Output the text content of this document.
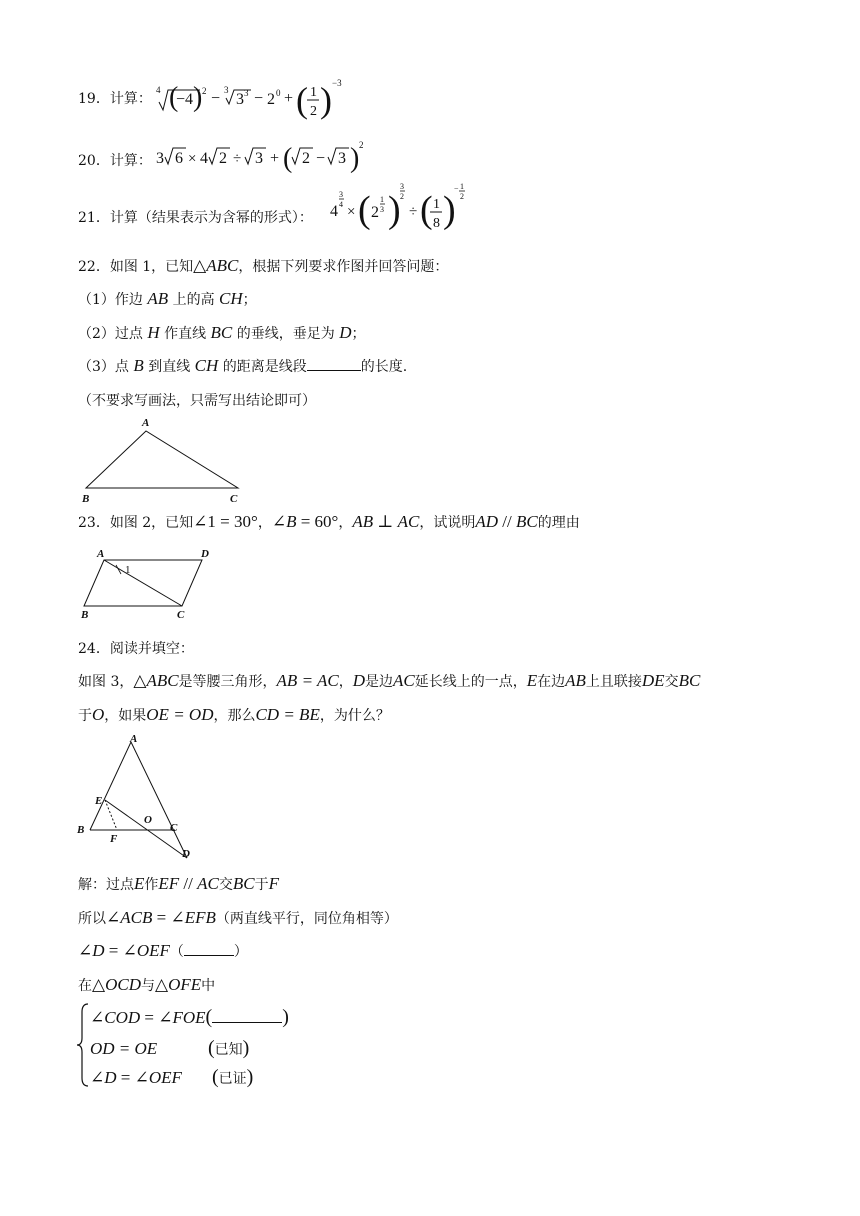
19．计算：
4 (
−4 ) 2 − 3
3 3 − 2 0 + ( 1
2 ) −3
20．计算： 3 6 × 4 2 ÷ 3 + ( 2 − 3 ) 2
21．计算（结果表示为含幂的形式）： 4
3
4 × ( 2
1
3 )
3
2
÷ ( 1
8 )
− 1
2
22．如图 1，已知△ABC，根据下列要求作图并回答问题：
（1）作边 AB 上的高 CH；
（2）过点 H 作直线 BC 的垂线，垂足为 D；
（3）点 B 到直线 CH 的距离是线段	的长度.
（不要求写画法，只需写出结论即可）
A
B	C
23．如图 2，已知∠1 = 30°，∠B = 60°，AB ⊥ AC，试说明AD // BC的理由
A	D
B	C
1
24．阅读并填空：
如图 3，△ABC是等腰三角形，AB = AC，D是边AC延长线上的一点，E在边AB上且联接DE交BC
于O，如果OE = OD，那么CD = BE，为什么？
A
E
B
F
O
C
D
解：过点E作EF // AC交BC于F
所以∠ACB = ∠EFB（两直线平行，同位角相等）
∠D = ∠OEF（	）
在△OCD与△OFE中
∠COD = ∠FOE(	)
OD = OE	(已知)
∠D = ∠OEF (已证)
